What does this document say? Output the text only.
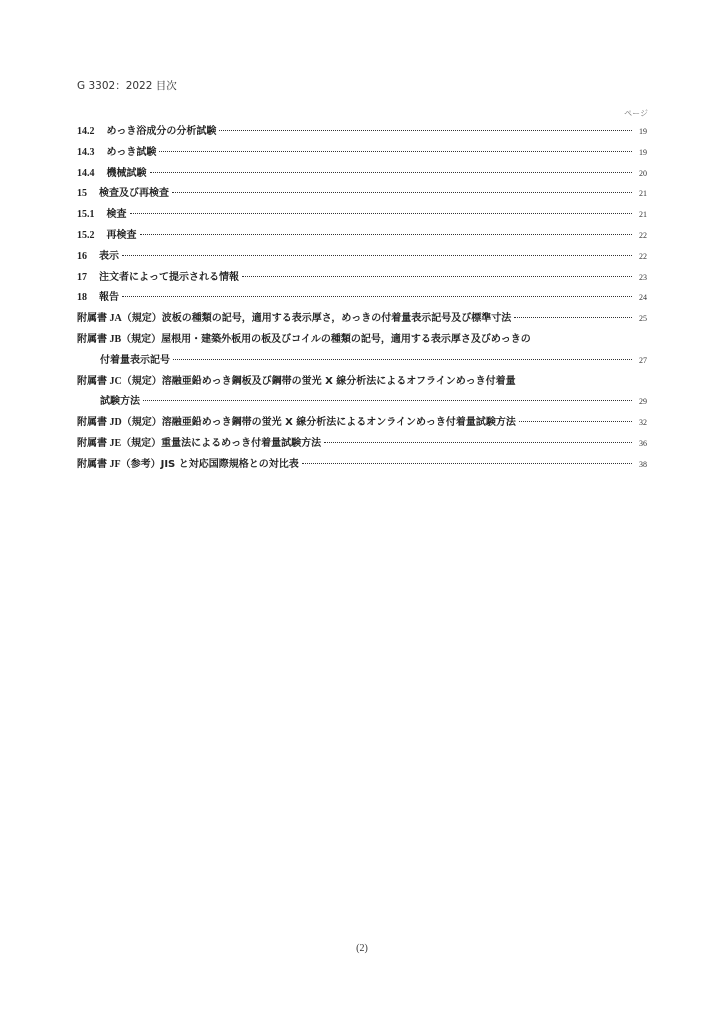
G 3302：2022 目次
ページ
14.2 めっき浴成分の分析試験	19
14.3 めっき試験	19
14.4 機械試験	20
15 検査及び再検査	21
15.1 検査	21
15.2 再検査	22
16 表示	22
17 注文者によって提示される情報	23
18 報告	24
附属書 JA （規定）波板の種類の記号，適用する表示厚さ，めっきの付着量表示記号及び標準寸法	25
附属書 JB （規定）屋根用・建築外板用の板及びコイルの種類の記号，適用する表示厚さ及びめっきの
付着量表示記号	27
附属書 JC （規定）溶融亜鉛めっき鋼板及び鋼帯の蛍光 X 線分析法によるオフラインめっき付着量
試験方法	29
附属書 JD （規定）溶融亜鉛めっき鋼帯の蛍光 X 線分析法によるオンラインめっき付着量試験方法	32
附属書 JE （規定）重量法によるめっき付着量試験方法	36
附属書 JF （参考）JIS と対応国際規格との対比表	38
(2)
